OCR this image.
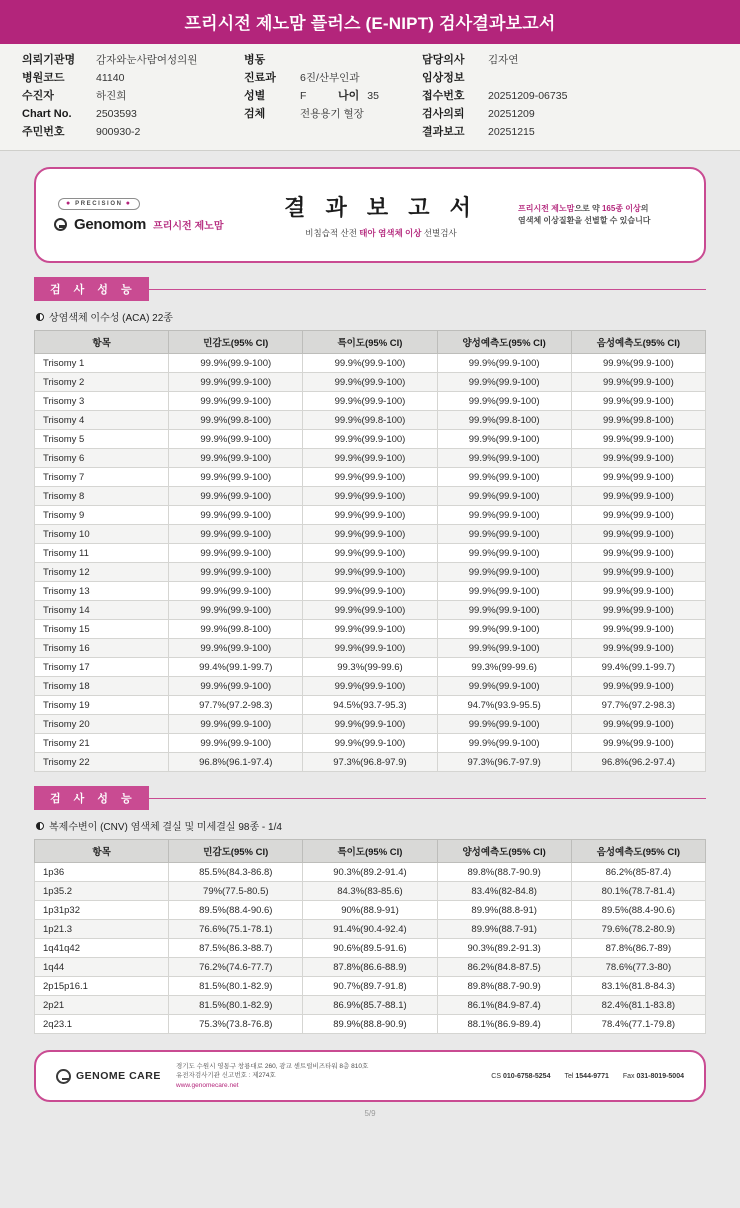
프리시전 제노맘 플러스 (E-NIPT) 검사결과보고서
의뢰기관명	감자와눈사람여성의원
병원코드	41140
수진자	하진희
Chart No.	2503593
주민번호	900930-2
병동
진료과	6진/산부인과
성별	F	나이 35
검체	전용용기 혈장
담당의사	김자연
임상정보
접수번호	20251209-06735
검사의뢰	20251209
결과보고	20251215
● PRECISION ●
Genomom 프리시전 제노맘
결 과 보 고 서
비침습적 산전 태아 염색체 이상 선별검사
프리시전 제노맘으로 약 165종 이상의
염색체 이상질환을 선별할 수 있습니다
검 사 성 능
상염색체 이수성 (ACA) 22종
항목	민감도(95% CI)	특이도(95% CI)	양성예측도(95% CI)	음성예측도(95% CI)
Trisomy 1	99.9%(99.9-100)	99.9%(99.9-100)	99.9%(99.9-100)	99.9%(99.9-100)
Trisomy 2	99.9%(99.9-100)	99.9%(99.9-100)	99.9%(99.9-100)	99.9%(99.9-100)
Trisomy 3	99.9%(99.9-100)	99.9%(99.9-100)	99.9%(99.9-100)	99.9%(99.9-100)
Trisomy 4	99.9%(99.8-100)	99.9%(99.8-100)	99.9%(99.8-100)	99.9%(99.8-100)
Trisomy 5	99.9%(99.9-100)	99.9%(99.9-100)	99.9%(99.9-100)	99.9%(99.9-100)
Trisomy 6	99.9%(99.9-100)	99.9%(99.9-100)	99.9%(99.9-100)	99.9%(99.9-100)
Trisomy 7	99.9%(99.9-100)	99.9%(99.9-100)	99.9%(99.9-100)	99.9%(99.9-100)
Trisomy 8	99.9%(99.9-100)	99.9%(99.9-100)	99.9%(99.9-100)	99.9%(99.9-100)
Trisomy 9	99.9%(99.9-100)	99.9%(99.9-100)	99.9%(99.9-100)	99.9%(99.9-100)
Trisomy 10	99.9%(99.9-100)	99.9%(99.9-100)	99.9%(99.9-100)	99.9%(99.9-100)
Trisomy 11	99.9%(99.9-100)	99.9%(99.9-100)	99.9%(99.9-100)	99.9%(99.9-100)
Trisomy 12	99.9%(99.9-100)	99.9%(99.9-100)	99.9%(99.9-100)	99.9%(99.9-100)
Trisomy 13	99.9%(99.9-100)	99.9%(99.9-100)	99.9%(99.9-100)	99.9%(99.9-100)
Trisomy 14	99.9%(99.9-100)	99.9%(99.9-100)	99.9%(99.9-100)	99.9%(99.9-100)
Trisomy 15	99.9%(99.8-100)	99.9%(99.9-100)	99.9%(99.9-100)	99.9%(99.9-100)
Trisomy 16	99.9%(99.9-100)	99.9%(99.9-100)	99.9%(99.9-100)	99.9%(99.9-100)
Trisomy 17	99.4%(99.1-99.7)	99.3%(99-99.6)	99.3%(99-99.6)	99.4%(99.1-99.7)
Trisomy 18	99.9%(99.9-100)	99.9%(99.9-100)	99.9%(99.9-100)	99.9%(99.9-100)
Trisomy 19	97.7%(97.2-98.3)	94.5%(93.7-95.3)	94.7%(93.9-95.5)	97.7%(97.2-98.3)
Trisomy 20	99.9%(99.9-100)	99.9%(99.9-100)	99.9%(99.9-100)	99.9%(99.9-100)
Trisomy 21	99.9%(99.9-100)	99.9%(99.9-100)	99.9%(99.9-100)	99.9%(99.9-100)
Trisomy 22	96.8%(96.1-97.4)	97.3%(96.8-97.9)	97.3%(96.7-97.9)	96.8%(96.2-97.4)
검 사 성 능
복제수변이 (CNV) 염색체 결실 및 미세결실 98종 - 1/4
항목	민감도(95% CI)	특이도(95% CI)	양성예측도(95% CI)	음성예측도(95% CI)
1p36	85.5%(84.3-86.8)	90.3%(89.2-91.4)	89.8%(88.7-90.9)	86.2%(85-87.4)
1p35.2	79%(77.5-80.5)	84.3%(83-85.6)	83.4%(82-84.8)	80.1%(78.7-81.4)
1p31p32	89.5%(88.4-90.6)	90%(88.9-91)	89.9%(88.8-91)	89.5%(88.4-90.6)
1p21.3	76.6%(75.1-78.1)	91.4%(90.4-92.4)	89.9%(88.7-91)	79.6%(78.2-80.9)
1q41q42	87.5%(86.3-88.7)	90.6%(89.5-91.6)	90.3%(89.2-91.3)	87.8%(86.7-89)
1q44	76.2%(74.6-77.7)	87.8%(86.6-88.9)	86.2%(84.8-87.5)	78.6%(77.3-80)
2p15p16.1	81.5%(80.1-82.9)	90.7%(89.7-91.8)	89.8%(88.7-90.9)	83.1%(81.8-84.3)
2p21	81.5%(80.1-82.9)	86.9%(85.7-88.1)	86.1%(84.9-87.4)	82.4%(81.1-83.8)
2q23.1	75.3%(73.8-76.8)	89.9%(88.8-90.9)	88.1%(86.9-89.4)	78.4%(77.1-79.8)
GENOME CARE
경기도 수원시 영통구 창룡대로 260, 광교 센트럴비즈타워 8층 810호
유전자검사기관 신고번호 : 제274호
www.genomecare.net
CS 010-6758-5254 Tel 1544-9771 Fax 031-8019-5004
5/9
